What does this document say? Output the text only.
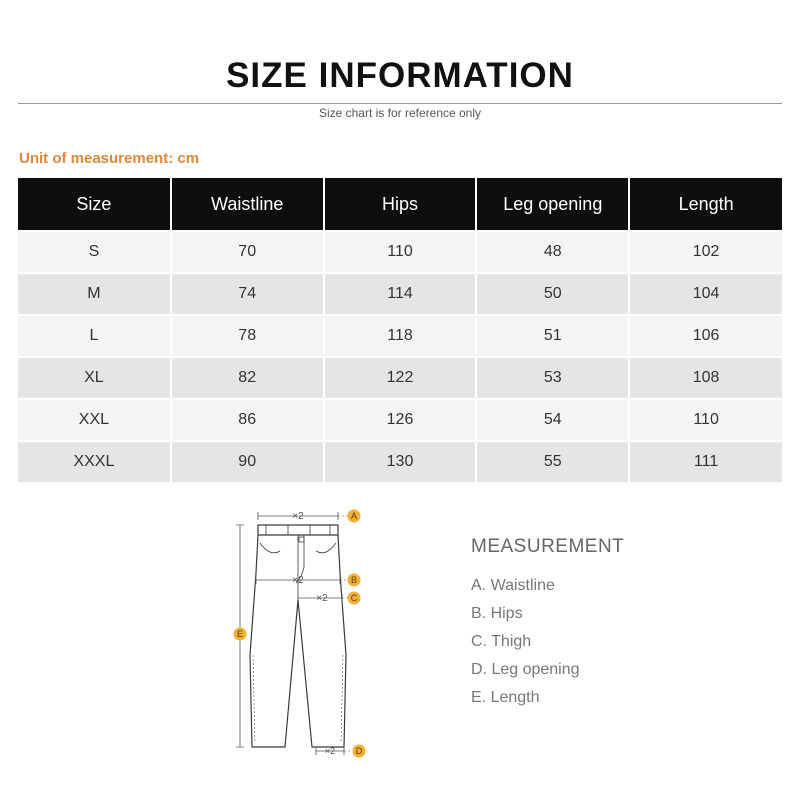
SIZE INFORMATION
Size chart is for reference only
Unit of measurement: cm
Size	Waistline	Hips	Leg opening	Length
S	70	110	48	102
M	74	114	50	104
L	78	118	51	106
XL	82	122	53	108
XXL	86	126	54	110
XXXL	90	130	55	111
×2
×2
×2
×2
A
B
C
D
E
MEASUREMENT
A. Waistline
B. Hips
C. Thigh
D. Leg opening
E. Length
